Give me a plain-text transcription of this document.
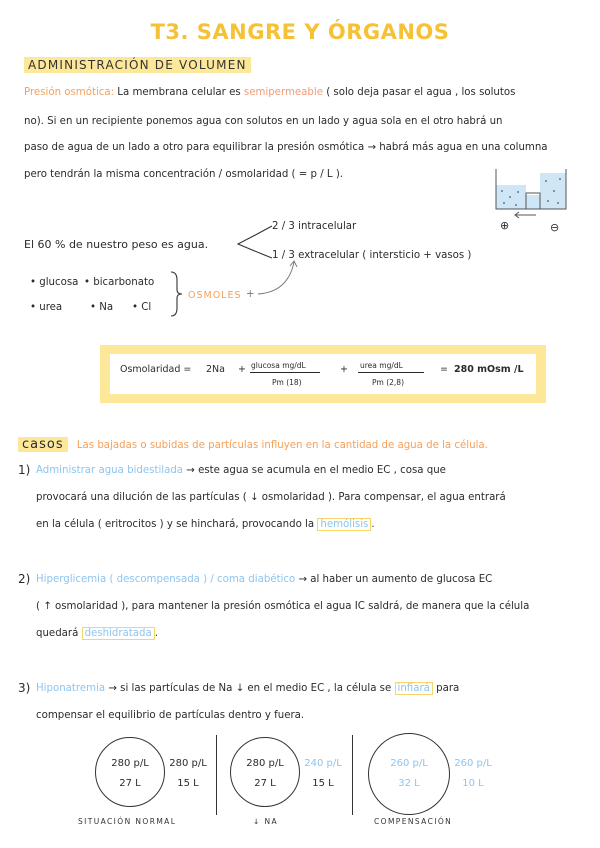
T3. SANGRE Y ÓRGANOS
ADMINISTRACIÓN DE VOLUMEN
Presión osmótica: La membrana celular es semipermeable ( solo deja pasar el agua , los solutos
no). Si en un recipiente ponemos agua con solutos en un lado y agua sola en el otro habrá un
paso de agua de un lado a otro para equilibrar la presión osmótica → habrá más agua en una columna
pero tendrán la misma concentración / osmolaridad ( = p / L ).
⊕	⊖
El 60 % de nuestro peso es agua.
2 / 3 intracelular
1 / 3 extracelular ( intersticio + vasos )
• glucosa • bicarbonato
• urea	• Na • Cl
OSMOLES +
Osmolaridad = 2Na + glucosa mg/dL
Pm (18)
+ urea mg/dL
Pm (2,8)
= 280 mOsm /L
casos Las bajadas o subidas de partículas influyen en la cantidad de agua de la célula.
1) Administrar agua bidestilada → este agua se acumula en el medio EC , cosa que
provocará una dilución de las partículas ( ↓ osmolaridad ). Para compensar, el agua entrará
en la célula ( eritrocitos ) y se hinchará, provocando la hemólisis .
2) Hiperglicemia ( descompensada ) / coma diabético → al haber un aumento de glucosa EC
( ↑ osmolaridad ), para mantener la presión osmótica el agua IC saldrá, de manera que la célula
quedará deshidratada .
3) Hiponatremia → si las partículas de Na ↓ en el medio EC , la célula se infiará para
compensar el equilibrio de partículas dentro y fuera.
280 p/L
27 L
280 p/L
15 L
SITUACIÓN NORMAL
280 p/L
27 L
240 p/L
15 L
↓ NA
260 p/L
32 L
260 p/L
10 L
COMPENSACIÓN
